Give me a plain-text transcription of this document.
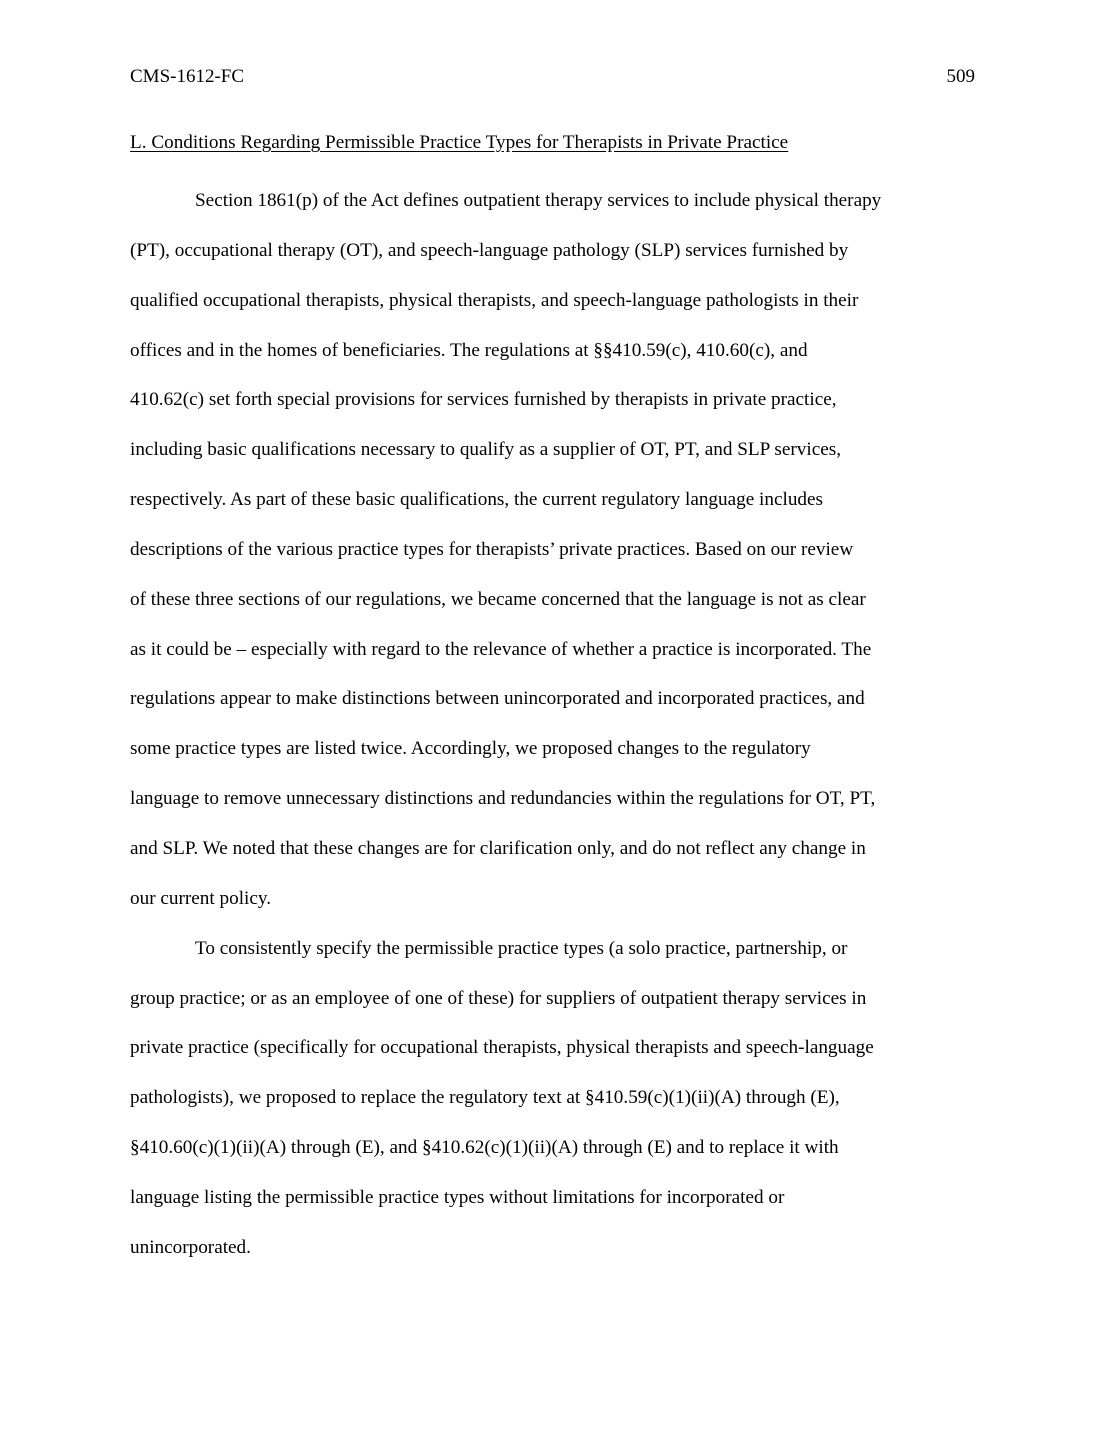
CMS-1612-FC	509
L. Conditions Regarding Permissible Practice Types for Therapists in Private Practice

Section 1861(p) of the Act defines outpatient therapy services to include physical therapy
(PT), occupational therapy (OT), and speech-language pathology (SLP) services furnished by
qualified occupational therapists, physical therapists, and speech-language pathologists in their
offices and in the homes of beneficiaries. The regulations at §§410.59(c), 410.60(c), and
410.62(c) set forth special provisions for services furnished by therapists in private practice,
including basic qualifications necessary to qualify as a supplier of OT, PT, and SLP services,
respectively. As part of these basic qualifications, the current regulatory language includes
descriptions of the various practice types for therapists’ private practices. Based on our review
of these three sections of our regulations, we became concerned that the language is not as clear
as it could be – especially with regard to the relevance of whether a practice is incorporated. The
regulations appear to make distinctions between unincorporated and incorporated practices, and
some practice types are listed twice. Accordingly, we proposed changes to the regulatory
language to remove unnecessary distinctions and redundancies within the regulations for OT, PT,
and SLP. We noted that these changes are for clarification only, and do not reflect any change in
our current policy.

To consistently specify the permissible practice types (a solo practice, partnership, or
group practice; or as an employee of one of these) for suppliers of outpatient therapy services in
private practice (specifically for occupational therapists, physical therapists and speech-language
pathologists), we proposed to replace the regulatory text at §410.59(c)(1)(ii)(A) through (E),
§410.60(c)(1)(ii)(A) through (E), and §410.62(c)(1)(ii)(A) through (E) and to replace it with
language listing the permissible practice types without limitations for incorporated or
unincorporated.
